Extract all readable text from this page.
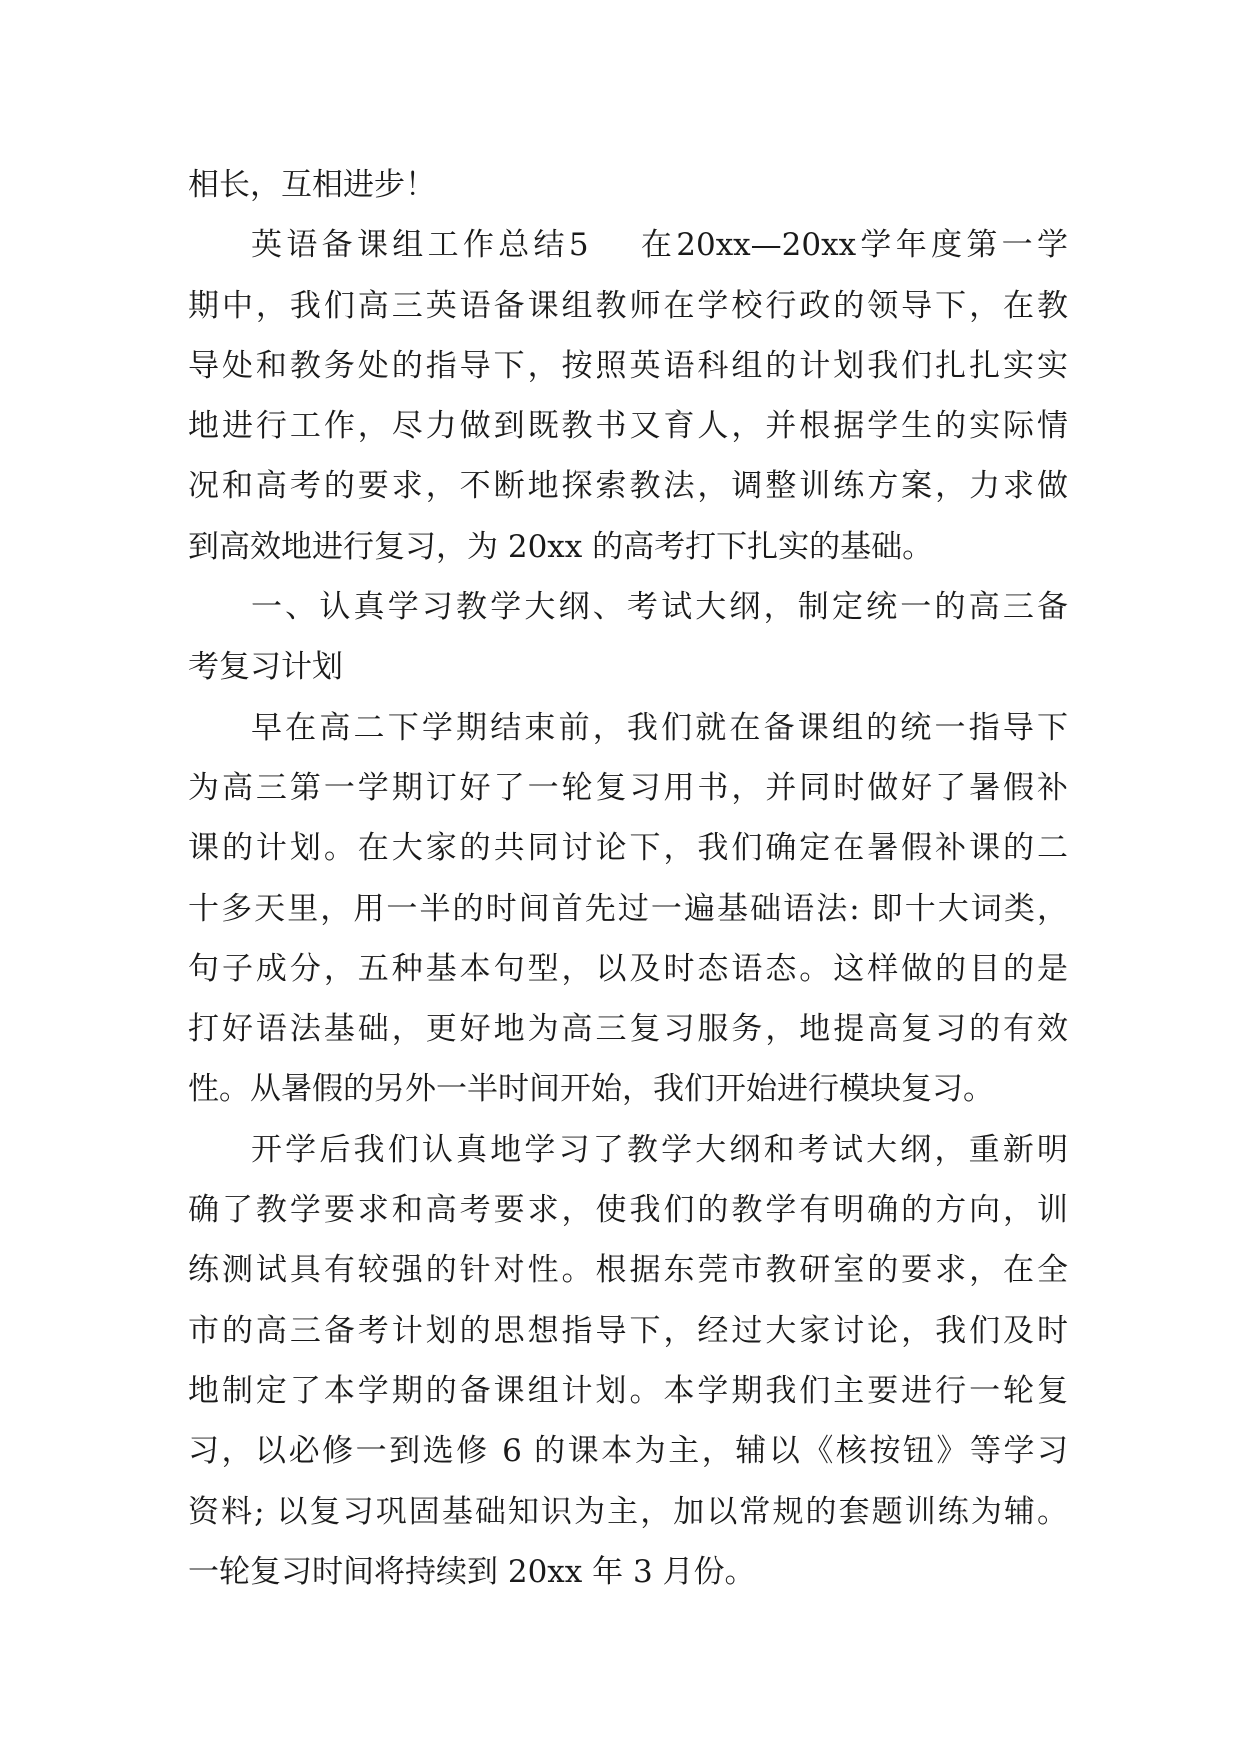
相长，互相进步！
英语备课组工作总结5 在20xx—20xx学年度第一学
期中，我们高三英语备课组教师在学校行政的领导下，在教
导处和教务处的指导下，按照英语科组的计划我们扎扎实实
地进行工作，尽力做到既教书又育人，并根据学生的实际情
况和高考的要求，不断地探索教法，调整训练方案，力求做
到高效地进行复习，为 20xx 的高考打下扎实的基础。
一、认真学习教学大纲、考试大纲，制定统一的高三备
考复习计划
早在高二下学期结束前，我们就在备课组的统一指导下
为高三第一学期订好了一轮复习用书，并同时做好了暑假补
课的计划。在大家的共同讨论下，我们确定在暑假补课的二
十多天里，用一半的时间首先过一遍基础语法: 即十大词类，
句子成分，五种基本句型，以及时态语态。这样做的目的是
打好语法基础，更好地为高三复习服务，地提高复习的有效
性。从暑假的另外一半时间开始，我们开始进行模块复习。
开学后我们认真地学习了教学大纲和考试大纲，重新明
确了教学要求和高考要求，使我们的教学有明确的方向，训
练测试具有较强的针对性。根据东莞市教研室的要求，在全
市的高三备考计划的思想指导下，经过大家讨论，我们及时
地制定了本学期的备课组计划。本学期我们主要进行一轮复
习，以必修一到选修 6 的课本为主，辅以《核按钮》等学习
资料; 以复习巩固基础知识为主，加以常规的套题训练为辅。
一轮复习时间将持续到 20xx 年 3 月份。
